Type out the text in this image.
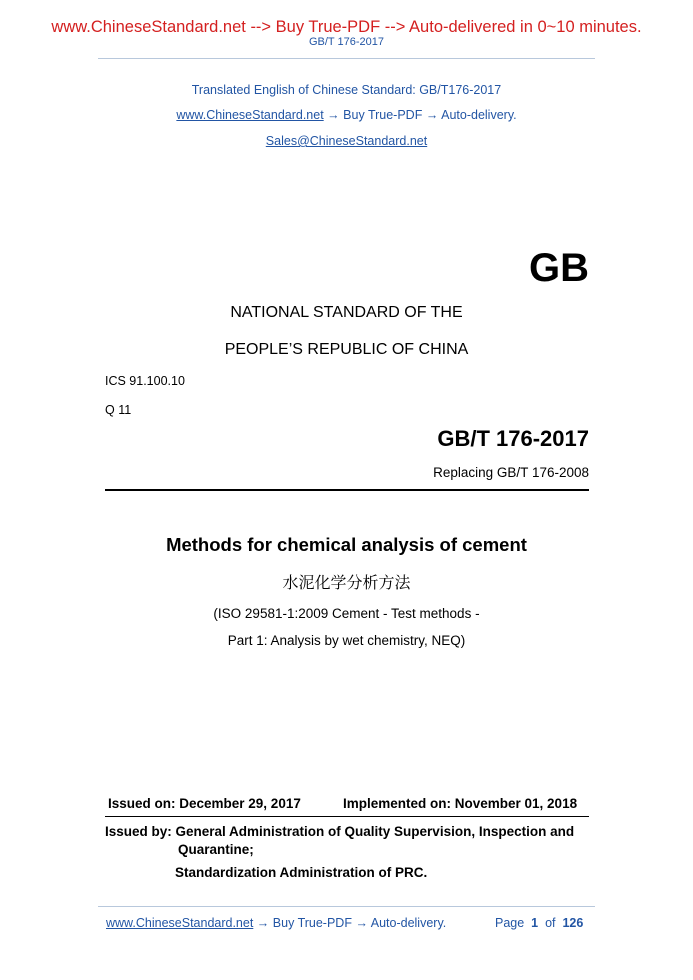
www.ChineseStandard.net --> Buy True-PDF --> Auto-delivered in 0~10 minutes.
GB/T 176-2017
Translated English of Chinese Standard: GB/T176-2017
www.ChineseStandard.net → Buy True-PDF → Auto-delivery.
Sales@ChineseStandard.net
GB
NATIONAL STANDARD OF THE
PEOPLE’S REPUBLIC OF CHINA
ICS 91.100.10
Q 11
GB/T 176-2017
Replacing GB/T 176-2008
Methods for chemical analysis of cement
水泥化学分析方法
(ISO 29581-1:2009 Cement - Test methods -
Part 1: Analysis by wet chemistry, NEQ)
Issued on: December 29, 2017	Implemented on: November 01, 2018
Issued by: General Administration of Quality Supervision, Inspection and
Quarantine;
Standardization Administration of PRC.
www.ChineseStandard.net → Buy True-PDF → Auto-delivery.	Page 1 of 126
